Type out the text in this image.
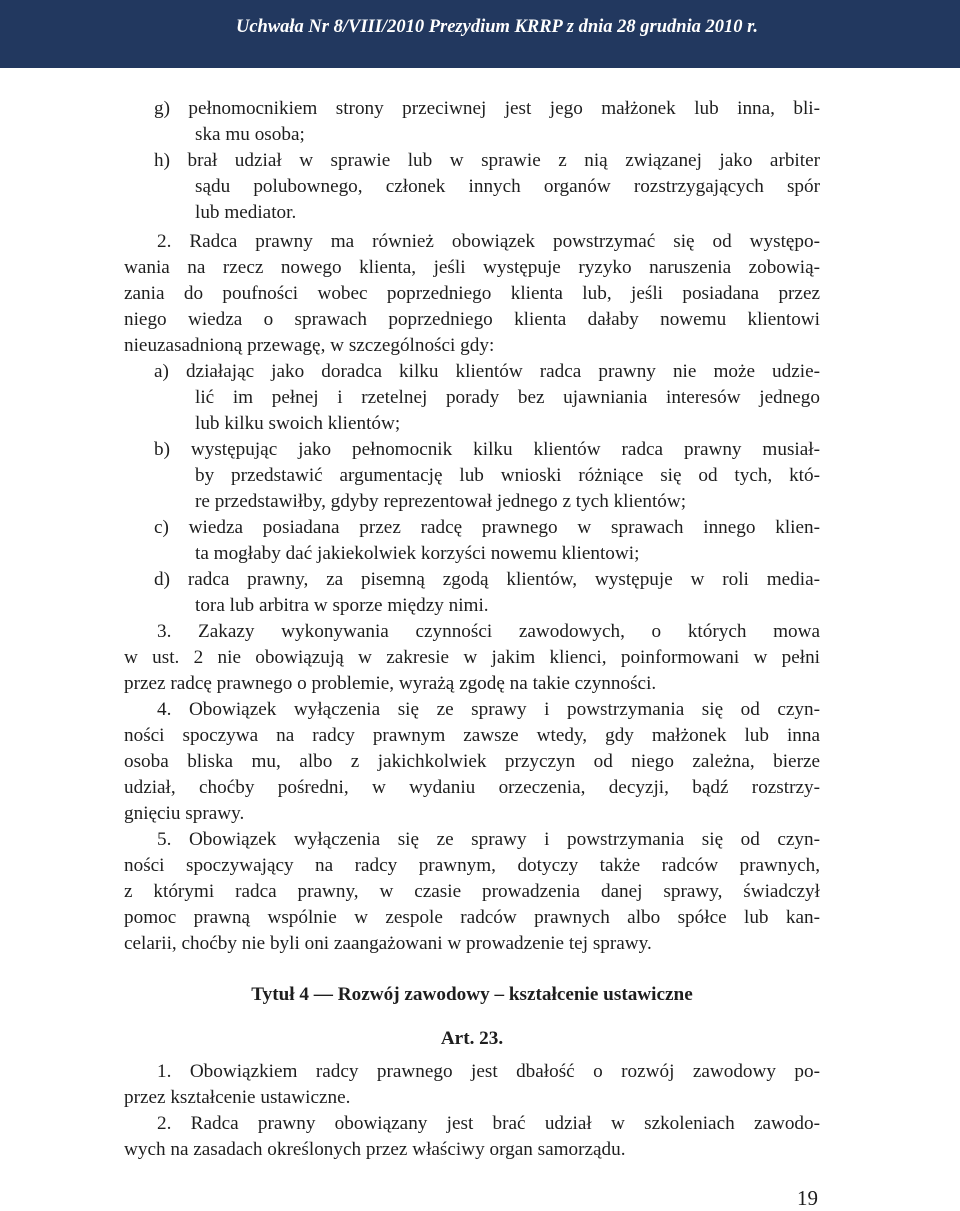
Uchwała Nr 8/VIII/2010 Prezydium KRRP z dnia 28 grudnia 2010 r.
g) pełnomocnikiem strony przeciwnej jest jego małżonek lub inna, bli-
ska mu osoba;
h) brał udział w sprawie lub w sprawie z nią związanej jako arbiter
sądu polubownego, członek innych organów rozstrzygających spór
lub mediator.
2. Radca prawny ma również obowiązek powstrzymać się od występo-
wania na rzecz nowego klienta, jeśli występuje ryzyko naruszenia zobowią-
zania do poufności wobec poprzedniego klienta lub, jeśli posiadana przez
niego wiedza o sprawach poprzedniego klienta dałaby nowemu klientowi
nieuzasadnioną przewagę, w szczególności gdy:
a) działając jako doradca kilku klientów radca prawny nie może udzie-
lić im pełnej i rzetelnej porady bez ujawniania interesów jednego
lub kilku swoich klientów;
b) występując jako pełnomocnik kilku klientów radca prawny musiał-
by przedstawić argumentację lub wnioski różniące się od tych, któ-
re przedstawiłby, gdyby reprezentował jednego z tych klientów;
c) wiedza posiadana przez radcę prawnego w sprawach innego klien-
ta mogłaby dać jakiekolwiek korzyści nowemu klientowi;
d) radca prawny, za pisemną zgodą klientów, występuje w roli media-
tora lub arbitra w sporze między nimi.
3. Zakazy wykonywania czynności zawodowych, o których mowa
w ust. 2 nie obowiązują w zakresie w jakim klienci, poinformowani w pełni
przez radcę prawnego o problemie, wyrażą zgodę na takie czynności.
4. Obowiązek wyłączenia się ze sprawy i powstrzymania się od czyn-
ności spoczywa na radcy prawnym zawsze wtedy, gdy małżonek lub inna
osoba bliska mu, albo z jakichkolwiek przyczyn od niego zależna, bierze
udział, choćby pośredni, w wydaniu orzeczenia, decyzji, bądź rozstrzy-
gnięciu sprawy.
5. Obowiązek wyłączenia się ze sprawy i powstrzymania się od czyn-
ności spoczywający na radcy prawnym, dotyczy także radców prawnych,
z którymi radca prawny, w czasie prowadzenia danej sprawy, świadczył
pomoc prawną wspólnie w zespole radców prawnych albo spółce lub kan-
celarii, choćby nie byli oni zaangażowani w prowadzenie tej sprawy.
Tytuł 4 — Rozwój zawodowy – kształcenie ustawiczne
Art. 23.
1. Obowiązkiem radcy prawnego jest dbałość o rozwój zawodowy po-
przez kształcenie ustawiczne.
2. Radca prawny obowiązany jest brać udział w szkoleniach zawodo-
wych na zasadach określonych przez właściwy organ samorządu.
19
